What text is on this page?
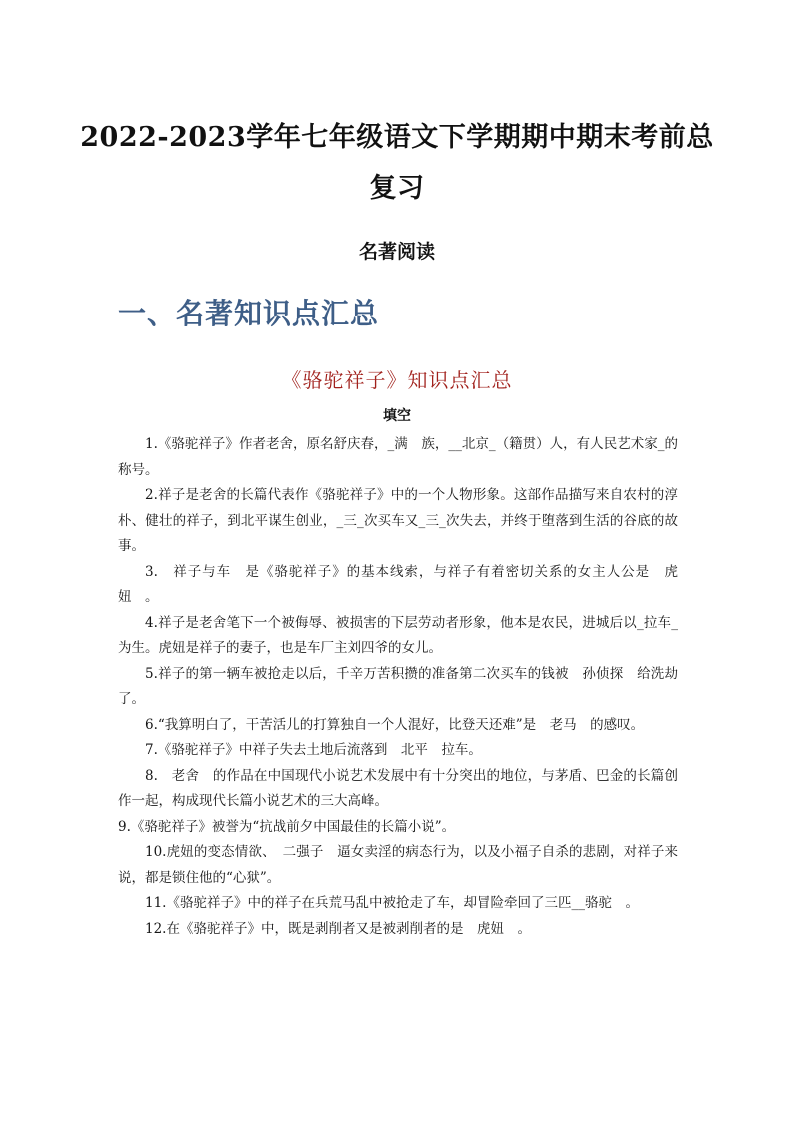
2022-2023学年七年级语文下学期期中期末考前总
复习
名著阅读
一、名著知识点汇总
《骆驼祥子》知识点汇总
填空

1.《骆驼祥子》作者老舍，原名舒庆春，_满　族，__北京_（籍贯）人，有人民艺术家_的称号。

2.祥子是老舍的长篇代表作《骆驼祥子》中的一个人物形象。这部作品描写来自农村的淳朴、健壮的祥子，到北平谋生创业，_三_次买车又_三_次失去，并终于堕落到生活的谷底的故事。

3.　祥子与车　是《骆驼祥子》的基本线索，与祥子有着密切关系的女主人公是　虎妞　。

4.祥子是老舍笔下一个被侮辱、被损害的下层劳动者形象，他本是农民，进城后以_拉车_为生。虎妞是祥子的妻子，也是车厂主刘四爷的女儿。

5.祥子的第一辆车被抢走以后，千辛万苦积攒的准备第二次买车的钱被　孙侦探　给洗劫了。

6.“我算明白了，干苦活儿的打算独自一个人混好，比登天还难”是　老马　的感叹。

7.《骆驼祥子》中祥子失去土地后流落到　北平　拉车。

8.　老舍　的作品在中国现代小说艺术发展中有十分突出的地位，与茅盾、巴金的长篇创作一起，构成现代长篇小说艺术的三大高峰。

9.《骆驼祥子》被誉为“抗战前夕中国最佳的长篇小说”。

10.虎妞的变态情欲、　二强子　逼女卖淫的病态行为，以及小福子自杀的悲剧，对祥子来说，都是锁住他的“心狱”。

11.《骆驼祥子》中的祥子在兵荒马乱中被抢走了车，却冒险牵回了三匹__骆驼　。

12.在《骆驼祥子》中，既是剥削者又是被剥削者的是　虎妞　。
